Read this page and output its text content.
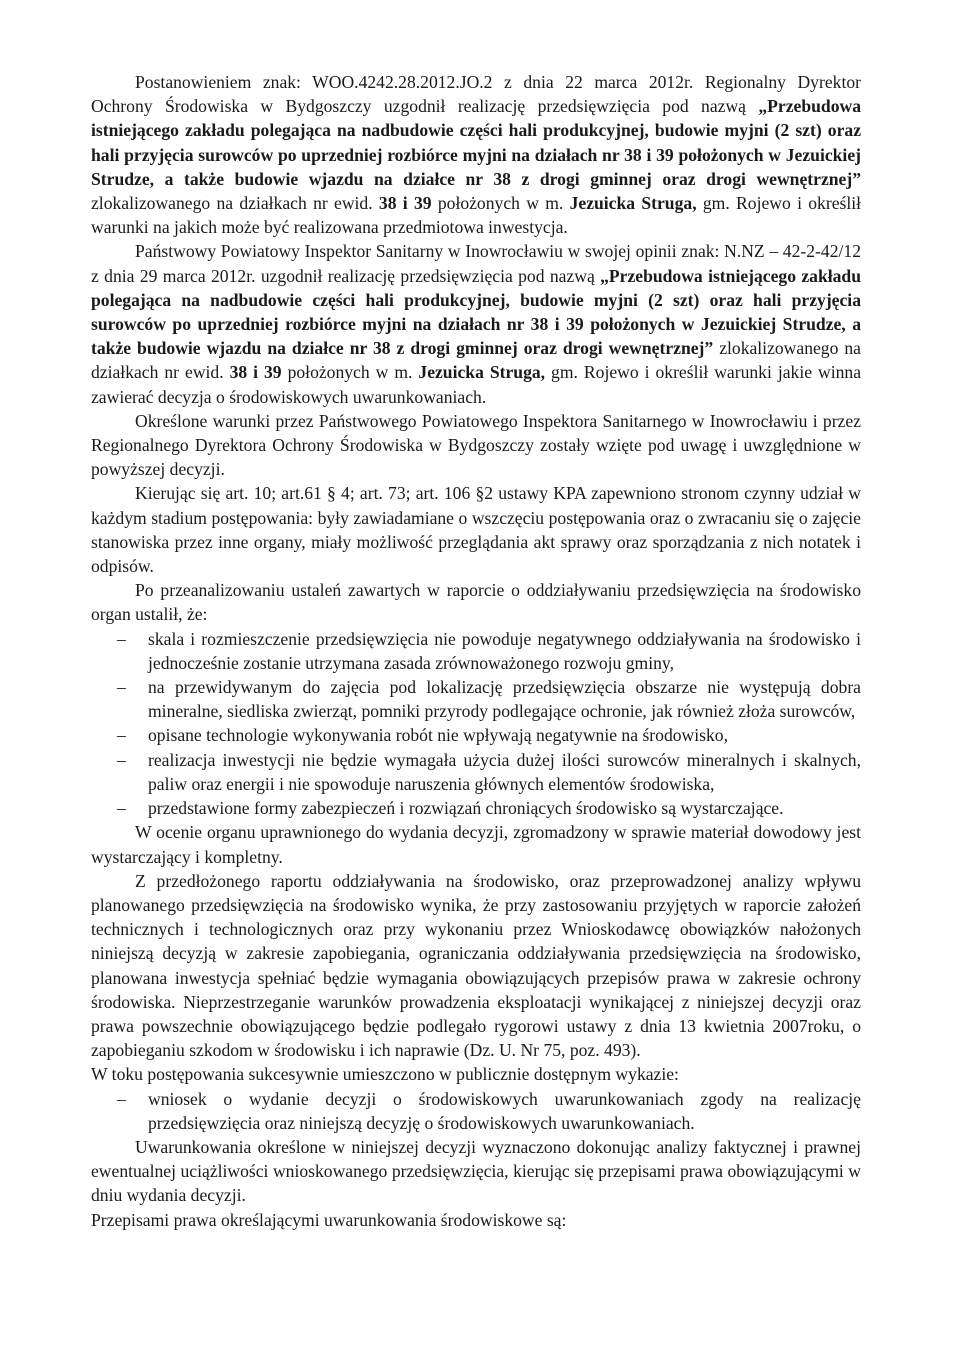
Postanowieniem znak: WOO.4242.28.2012.JO.2 z dnia 22 marca 2012r. Regionalny Dyrektor Ochrony Środowiska w Bydgoszczy uzgodnił realizację przedsięwzięcia pod nazwą „Przebudowa istniejącego zakładu polegająca na nadbudowie części hali produkcyjnej, budowie myjni (2 szt) oraz hali przyjęcia surowców po uprzedniej rozbiórce myjni na działach nr 38 i 39 położonych w Jezuickiej Strudze, a także budowie wjazdu na działce nr 38 z drogi gminnej oraz drogi wewnętrznej” zlokalizowanego na działkach nr ewid. 38 i 39 położonych w m. Jezuicka Struga, gm. Rojewo i określił warunki na jakich może być realizowana przedmiotowa inwestycja.

Państwowy Powiatowy Inspektor Sanitarny w Inowrocławiu w swojej opinii znak: N.NZ – 42-2-42/12 z dnia 29 marca 2012r. uzgodnił realizację przedsięwzięcia pod nazwą „Przebudowa istniejącego zakładu polegająca na nadbudowie części hali produkcyjnej, budowie myjni (2 szt) oraz hali przyjęcia surowców po uprzedniej rozbiórce myjni na działach nr 38 i 39 położonych w Jezuickiej Strudze, a także budowie wjazdu na działce nr 38 z drogi gminnej oraz drogi wewnętrznej” zlokalizowanego na działkach nr ewid. 38 i 39 położonych w m. Jezuicka Struga, gm. Rojewo i określił warunki jakie winna zawierać decyzja o środowiskowych uwarunkowaniach.

Określone warunki przez Państwowego Powiatowego Inspektora Sanitarnego w Inowrocławiu i przez Regionalnego Dyrektora Ochrony Środowiska w Bydgoszczy zostały wzięte pod uwagę i uwzględnione w powyższej decyzji.

Kierując się art. 10; art.61 § 4; art. 73; art. 106 §2 ustawy KPA zapewniono stronom czynny udział w każdym stadium postępowania: były zawiadamiane o wszczęciu postępowania oraz o zwracaniu się o zajęcie stanowiska przez inne organy, miały możliwość przeglądania akt sprawy oraz sporządzania z nich notatek i odpisów.

Po przeanalizowaniu ustaleń zawartych w raporcie o oddziaływaniu przedsięwzięcia na środowisko organ ustalił, że:

– skala i rozmieszczenie przedsięwzięcia nie powoduje negatywnego oddziaływania na środowisko i jednocześnie zostanie utrzymana zasada zrównoważonego rozwoju gminy,
– na przewidywanym do zajęcia pod lokalizację przedsięwzięcia obszarze nie występują dobra mineralne, siedliska zwierząt, pomniki przyrody podlegające ochronie, jak również złoża surowców,
– opisane technologie wykonywania robót nie wpływają negatywnie na środowisko,
– realizacja inwestycji nie będzie wymagała użycia dużej ilości surowców mineralnych i skalnych, paliw oraz energii i nie spowoduje naruszenia głównych elementów środowiska,
– przedstawione formy zabezpieczeń i rozwiązań chroniących środowisko są wystarczające.

W ocenie organu uprawnionego do wydania decyzji, zgromadzony w sprawie materiał dowodowy jest wystarczający i kompletny.

Z przedłożonego raportu oddziaływania na środowisko, oraz przeprowadzonej analizy wpływu planowanego przedsięwzięcia na środowisko wynika, że przy zastosowaniu przyjętych w raporcie założeń technicznych i technologicznych oraz przy wykonaniu przez Wnioskodawcę obowiązków nałożonych niniejszą decyzją w zakresie zapobiegania, ograniczania oddziaływania przedsięwzięcia na środowisko, planowana inwestycja spełniać będzie wymagania obowiązujących przepisów prawa w zakresie ochrony środowiska. Nieprzestrzeganie warunków prowadzenia eksploatacji wynikającej z niniejszej decyzji oraz prawa powszechnie obowiązującego będzie podlegało rygorowi ustawy z dnia 13 kwietnia 2007roku, o zapobieganiu szkodom w środowisku i ich naprawie (Dz. U. Nr 75, poz. 493).

W toku postępowania sukcesywnie umieszczono w publicznie dostępnym wykazie:

– wniosek o wydanie decyzji o środowiskowych uwarunkowaniach zgody na realizację przedsięwzięcia oraz niniejszą decyzję o środowiskowych uwarunkowaniach.

Uwarunkowania określone w niniejszej decyzji wyznaczono dokonując analizy faktycznej i prawnej ewentualnej uciążliwości wnioskowanego przedsięwzięcia, kierując się przepisami prawa obowiązującymi w dniu wydania decyzji.

Przepisami prawa określającymi uwarunkowania środowiskowe są:
